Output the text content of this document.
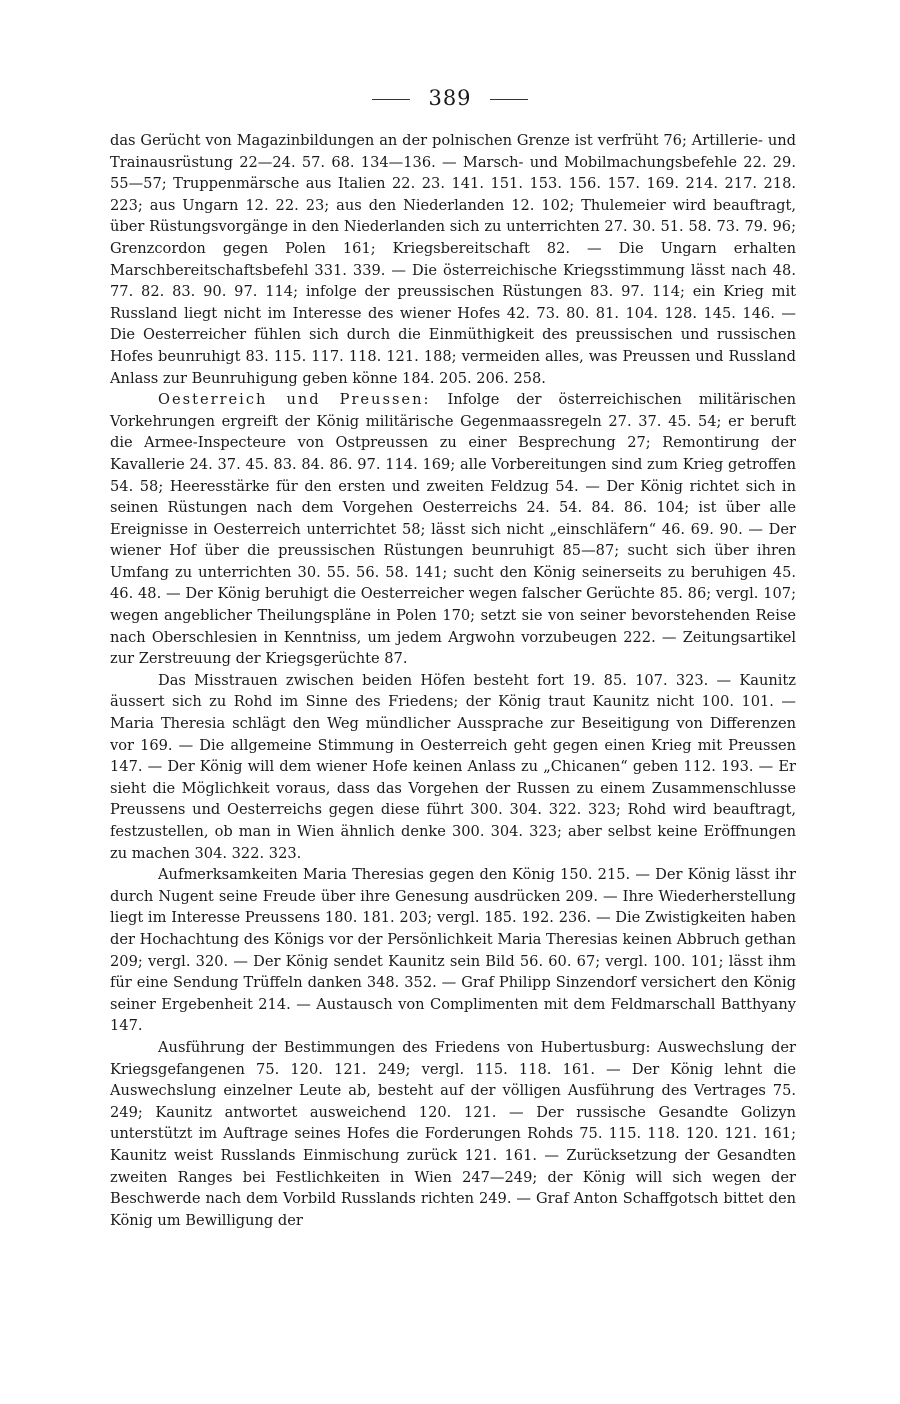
389

das Gerücht von Magazinbildungen an der polnischen Grenze ist verfrüht 76; Artillerie- und Trainausrüstung 22—24. 57. 68. 134—136. — Marsch- und Mobilmachungsbefehle 22. 29. 55—57; Truppenmärsche aus Italien 22. 23. 141. 151. 153. 156. 157. 169. 214. 217. 218. 223; aus Ungarn 12. 22. 23; aus den Niederlanden 12. 102; Thulemeier wird beauftragt, über Rüstungsvorgänge in den Niederlanden sich zu unterrichten 27. 30. 51. 58. 73. 79. 96; Grenzcordon gegen Polen 161; Kriegsbereitschaft 82. — Die Ungarn erhalten Marschbereitschaftsbefehl 331. 339. — Die österreichische Kriegsstimmung lässt nach 48. 77. 82. 83. 90. 97. 114; infolge der preussischen Rüstungen 83. 97. 114; ein Krieg mit Russland liegt nicht im Interesse des wiener Hofes 42. 73. 80. 81. 104. 128. 145. 146. — Die Oesterreicher fühlen sich durch die Einmüthigkeit des preussischen und russischen Hofes beunruhigt 83. 115. 117. 118. 121. 188; vermeiden alles, was Preussen und Russland Anlass zur Beunruhigung geben könne 184. 205. 206. 258.

Oesterreich und Preussen: Infolge der österreichischen militärischen Vorkehrungen ergreift der König militärische Gegenmaassregeln 27. 37. 45. 54; er beruft die Armee-Inspecteure von Ostpreussen zu einer Besprechung 27; Remontirung der Kavallerie 24. 37. 45. 83. 84. 86. 97. 114. 169; alle Vorbereitungen sind zum Krieg getroffen 54. 58; Heeresstärke für den ersten und zweiten Feldzug 54. — Der König richtet sich in seinen Rüstungen nach dem Vorgehen Oesterreichs 24. 54. 84. 86. 104; ist über alle Ereignisse in Oesterreich unterrichtet 58; lässt sich nicht „einschläfern“ 46. 69. 90. — Der wiener Hof über die preussischen Rüstungen beunruhigt 85—87; sucht sich über ihren Umfang zu unterrichten 30. 55. 56. 58. 141; sucht den König seinerseits zu beruhigen 45. 46. 48. — Der König beruhigt die Oesterreicher wegen falscher Gerüchte 85. 86; vergl. 107; wegen angeblicher Theilungspläne in Polen 170; setzt sie von seiner bevorstehenden Reise nach Oberschlesien in Kenntniss, um jedem Argwohn vorzubeugen 222. — Zeitungsartikel zur Zerstreuung der Kriegsgerüchte 87.

Das Misstrauen zwischen beiden Höfen besteht fort 19. 85. 107. 323. — Kaunitz äussert sich zu Rohd im Sinne des Friedens; der König traut Kaunitz nicht 100. 101. — Maria Theresia schlägt den Weg mündlicher Aussprache zur Beseitigung von Differenzen vor 169. — Die allgemeine Stimmung in Oesterreich geht gegen einen Krieg mit Preussen 147. — Der König will dem wiener Hofe keinen Anlass zu „Chicanen“ geben 112. 193. — Er sieht die Möglichkeit voraus, dass das Vorgehen der Russen zu einem Zusammenschlusse Preussens und Oesterreichs gegen diese führt 300. 304. 322. 323; Rohd wird beauftragt, festzustellen, ob man in Wien ähnlich denke 300. 304. 323; aber selbst keine Eröffnungen zu machen 304. 322. 323.

Aufmerksamkeiten Maria Theresias gegen den König 150. 215. — Der König lässt ihr durch Nugent seine Freude über ihre Genesung ausdrücken 209. — Ihre Wiederherstellung liegt im Interesse Preussens 180. 181. 203; vergl. 185. 192. 236. — Die Zwistigkeiten haben der Hochachtung des Königs vor der Persönlichkeit Maria Theresias keinen Abbruch gethan 209; vergl. 320. — Der König sendet Kaunitz sein Bild 56. 60. 67; vergl. 100. 101; lässt ihm für eine Sendung Trüffeln danken 348. 352. — Graf Philipp Sinzendorf versichert den König seiner Ergebenheit 214. — Austausch von Complimenten mit dem Feldmarschall Batthyany 147.

Ausführung der Bestimmungen des Friedens von Hubertusburg: Auswechslung der Kriegsgefangenen 75. 120. 121. 249; vergl. 115. 118. 161. — Der König lehnt die Auswechslung einzelner Leute ab, besteht auf der völligen Ausführung des Vertrages 75. 249; Kaunitz antwortet ausweichend 120. 121. — Der russische Gesandte Golizyn unterstützt im Auftrage seines Hofes die Forderungen Rohds 75. 115. 118. 120. 121. 161; Kaunitz weist Russlands Einmischung zurück 121. 161. — Zurücksetzung der Gesandten zweiten Ranges bei Festlichkeiten in Wien 247—249; der König will sich wegen der Beschwerde nach dem Vorbild Russlands richten 249. — Graf Anton Schaffgotsch bittet den König um Bewilligung der
